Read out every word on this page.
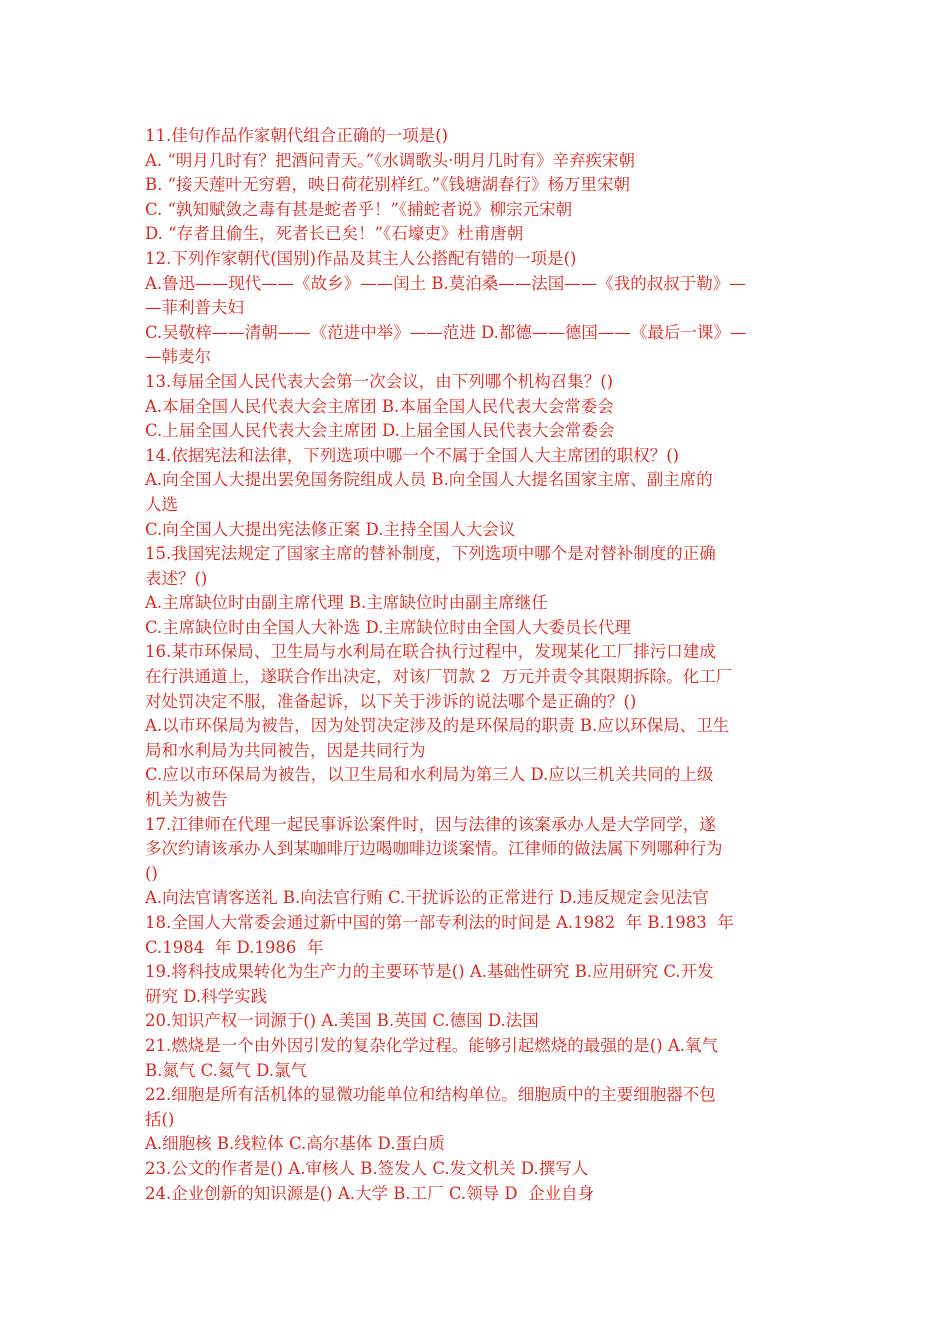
11.佳句作品作家朝代组合正确的一项是()
A. “明月几时有？把酒问青天。”《水调歌头·明月几时有》辛弃疾宋朝
B. “接天莲叶无穷碧，映日荷花别样红。”《钱塘湖春行》杨万里宋朝
C. “孰知赋敛之毒有甚是蛇者乎！”《捕蛇者说》柳宗元宋朝
D. “存者且偷生，死者长已矣！”《石壕吏》杜甫唐朝
12.下列作家朝代(国别)作品及其主人公搭配有错的一项是()
A.鲁迅——现代——《故乡》——闰土 B.莫泊桑——法国——《我的叔叔于勒》—
—菲利普夫妇
C.吴敬梓——清朝——《范进中举》——范进 D.都德——德国——《最后一课》—
—韩麦尔
13.每届全国人民代表大会第一次会议，由下列哪个机构召集？()
A.本届全国人民代表大会主席团 B.本届全国人民代表大会常委会
C.上届全国人民代表大会主席团 D.上届全国人民代表大会常委会
14.依据宪法和法律，下列选项中哪一个不属于全国人大主席团的职权？()
A.向全国人大提出罢免国务院组成人员 B.向全国人大提名国家主席、副主席的
人选
C.向全国人大提出宪法修正案 D.主持全国人大会议
15.我国宪法规定了国家主席的替补制度，下列选项中哪个是对替补制度的正确
表述？()
A.主席缺位时由副主席代理 B.主席缺位时由副主席继任
C.主席缺位时由全国人大补选 D.主席缺位时由全国人大委员长代理
16.某市环保局、卫生局与水利局在联合执行过程中，发现某化工厂排污口建成
在行洪通道上，遂联合作出决定，对该厂罚款 2  万元并责令其限期拆除。化工厂
对处罚决定不服，准备起诉，以下关于涉诉的说法哪个是正确的？()
A.以市环保局为被告，因为处罚决定涉及的是环保局的职责 B.应以环保局、卫生
局和水利局为共同被告，因是共同行为
C.应以市环保局为被告，以卫生局和水利局为第三人 D.应以三机关共同的上级
机关为被告
17.江律师在代理一起民事诉讼案件时，因与法律的该案承办人是大学同学，遂
多次约请该承办人到某咖啡厅边喝咖啡边谈案情。江律师的做法属下列哪种行为
()
A.向法官请客送礼 B.向法官行贿 C.干扰诉讼的正常进行 D.违反规定会见法官
18.全国人大常委会通过新中国的第一部专利法的时间是 A.1982  年 B.1983  年
C.1984  年 D.1986  年
19.将科技成果转化为生产力的主要环节是() A.基础性研究 B.应用研究 C.开发
研究 D.科学实践
20.知识产权一词源于() A.美国 B.英国 C.德国 D.法国
21.燃烧是一个由外因引发的复杂化学过程。能够引起燃烧的最强的是() A.氧气
B.氮气 C.氦气 D.氯气
22.细胞是所有活机体的显微功能单位和结构单位。细胞质中的主要细胞器不包
括()
A.细胞核 B.线粒体 C.高尔基体 D.蛋白质
23.公文的作者是() A.审核人 B.签发人 C.发文机关 D.撰写人
24.企业创新的知识源是() A.大学 B.工厂 C.领导 D  企业自身
